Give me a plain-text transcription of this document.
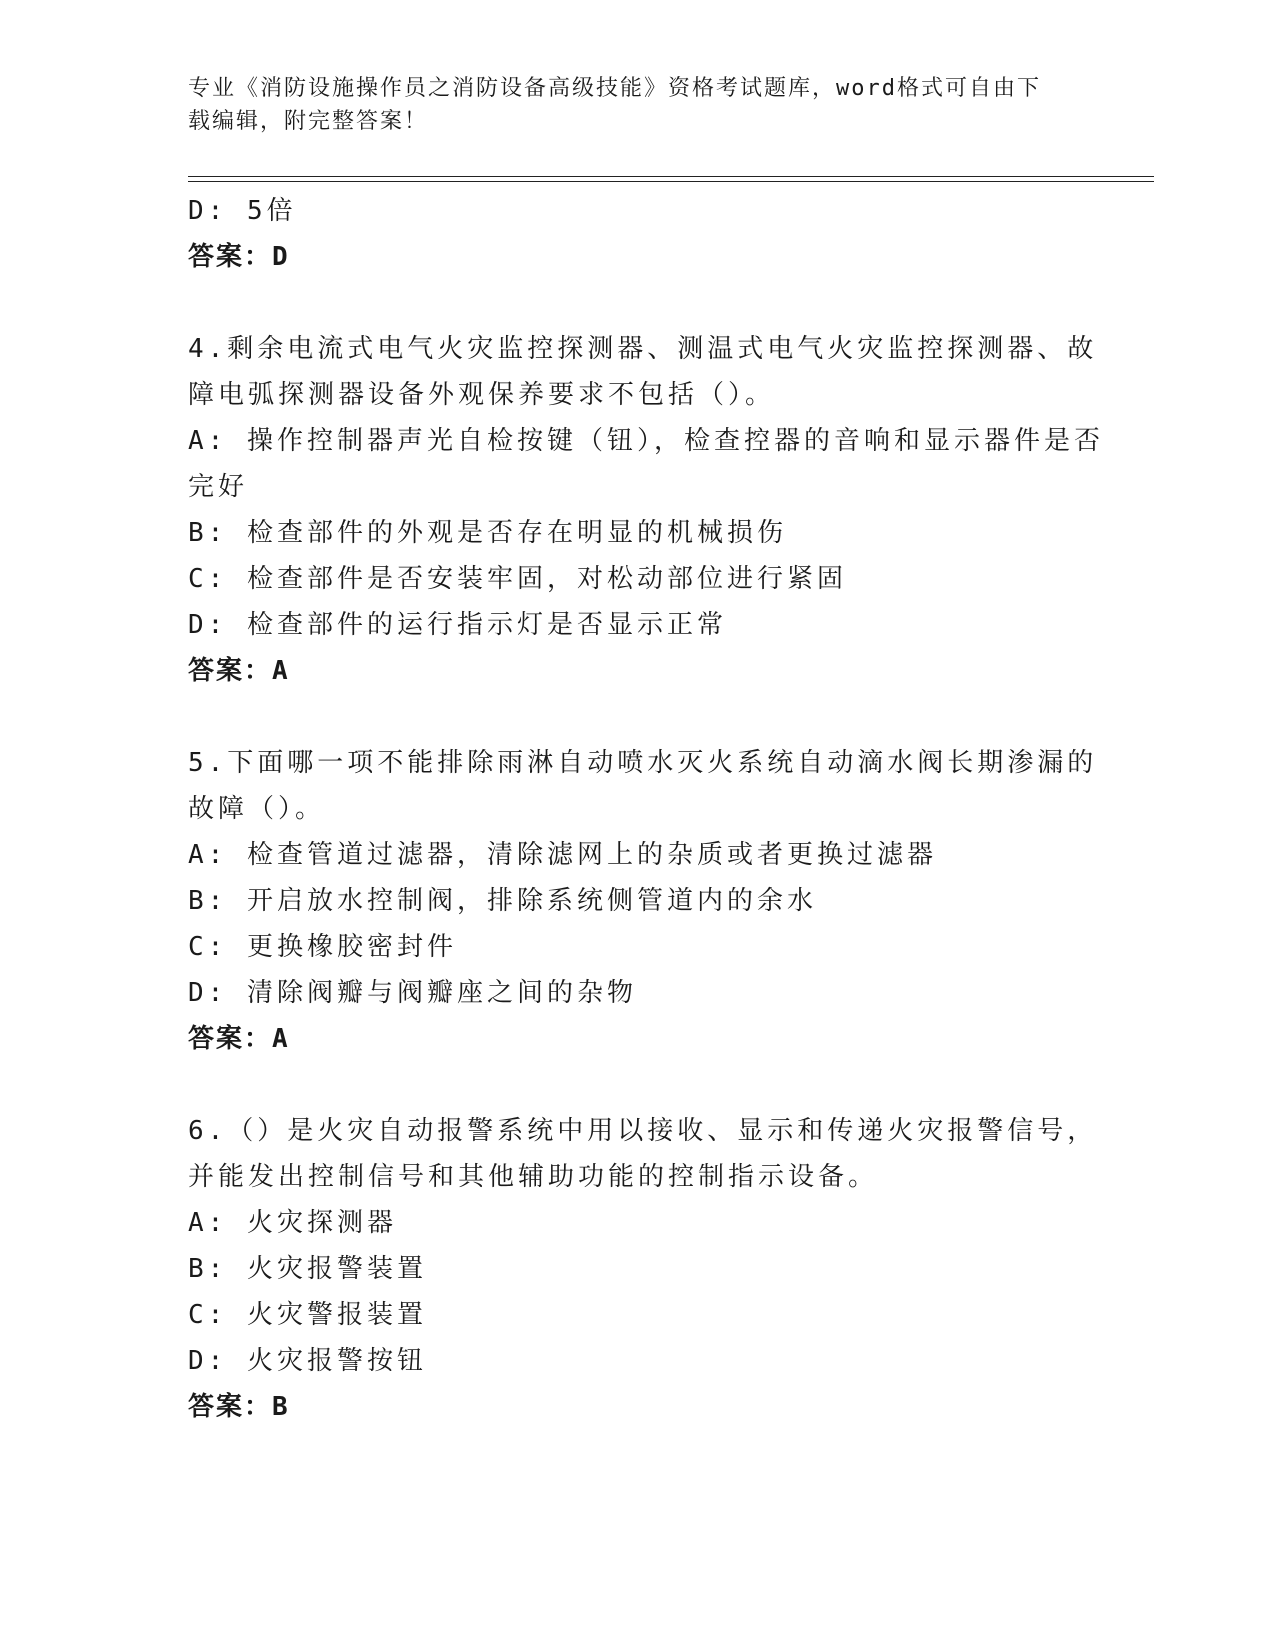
专业《消防设施操作员之消防设备高级技能》资格考试题库，word格式可自由下
载编辑，附完整答案！
D: 5倍
答案：D
4.剩余电流式电气火灾监控探测器、测温式电气火灾监控探测器、故
障电弧探测器设备外观保养要求不包括（）。
A: 操作控制器声光自检按键（钮），检查控器的音响和显示器件是否
完好
B: 检查部件的外观是否存在明显的机械损伤
C: 检查部件是否安装牢固，对松动部位进行紧固
D: 检查部件的运行指示灯是否显示正常
答案：A
5.下面哪一项不能排除雨淋自动喷水灭火系统自动滴水阀长期渗漏的
故障（）。
A: 检查管道过滤器，清除滤网上的杂质或者更换过滤器
B: 开启放水控制阀，排除系统侧管道内的余水
C: 更换橡胶密封件
D: 清除阀瓣与阀瓣座之间的杂物
答案：A
6.（）是火灾自动报警系统中用以接收、显示和传递火灾报警信号，
并能发出控制信号和其他辅助功能的控制指示设备。
A: 火灾探测器
B: 火灾报警装置
C: 火灾警报装置
D: 火灾报警按钮
答案：B
